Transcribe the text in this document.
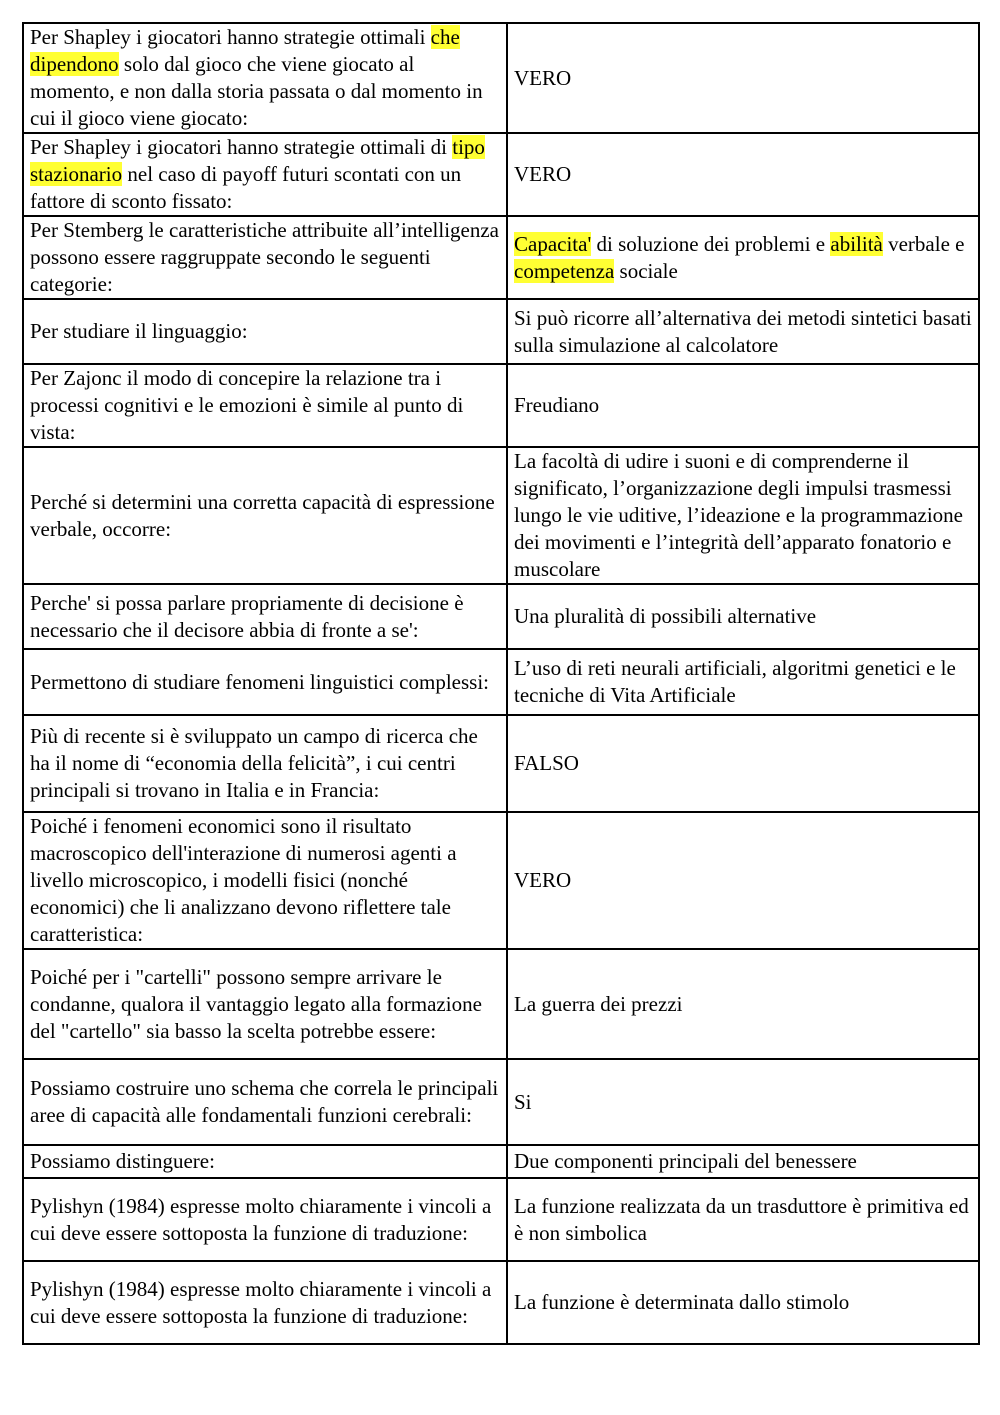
Per Shapley i giocatori hanno strategie ottimali che dipendono solo dal gioco che viene giocato al momento, e non dalla storia passata o dal momento in cui il gioco viene giocato:	VERO
Per Shapley i giocatori hanno strategie ottimali di tipo stazionario nel caso di payoff futuri scontati con un fattore di sconto fissato:	VERO
Per Stemberg le caratteristiche attribuite all’intelligenza possono essere raggruppate secondo le seguenti categorie:	Capacita' di soluzione dei problemi e abilità verbale e competenza sociale
Per studiare il linguaggio:	Si può ricorre all’alternativa dei metodi sintetici basati sulla simulazione al calcolatore
Per Zajonc il modo di concepire la relazione tra i processi cognitivi e le emozioni è simile al punto di vista:	Freudiano
Perché si determini una corretta capacità di espressione verbale, occorre:	La facoltà di udire i suoni e di comprenderne il significato, l’organizzazione degli impulsi trasmessi lungo le vie uditive, l’ideazione e la programmazione dei movimenti e l’integrità dell’apparato fonatorio e muscolare
Perche' si possa parlare propriamente di decisione è necessario che il decisore abbia di fronte a se':	Una pluralità di possibili alternative
Permettono di studiare fenomeni linguistici complessi:	L’uso di reti neurali artificiali, algoritmi genetici e le tecniche di Vita Artificiale
Più di recente si è sviluppato un campo di ricerca che ha il nome di “economia della felicità”, i cui centri principali si trovano in Italia e in Francia:	FALSO
Poiché i fenomeni economici sono il risultato macroscopico dell'interazione di numerosi agenti a livello microscopico, i modelli fisici (nonché economici) che li analizzano devono riflettere tale caratteristica:	VERO
Poiché per i "cartelli" possono sempre arrivare le condanne, qualora il vantaggio legato alla formazione del "cartello" sia basso la scelta potrebbe essere:	La guerra dei prezzi
Possiamo costruire uno schema che correla le principali aree di capacità alle fondamentali funzioni cerebrali:	Si
Possiamo distinguere:	Due componenti principali del benessere
Pylishyn (1984) espresse molto chiaramente i vincoli a cui deve essere sottoposta la funzione di traduzione:	La funzione realizzata da un trasduttore è primitiva ed è non simbolica
Pylishyn (1984) espresse molto chiaramente i vincoli a cui deve essere sottoposta la funzione di traduzione:	La funzione è determinata dallo stimolo
